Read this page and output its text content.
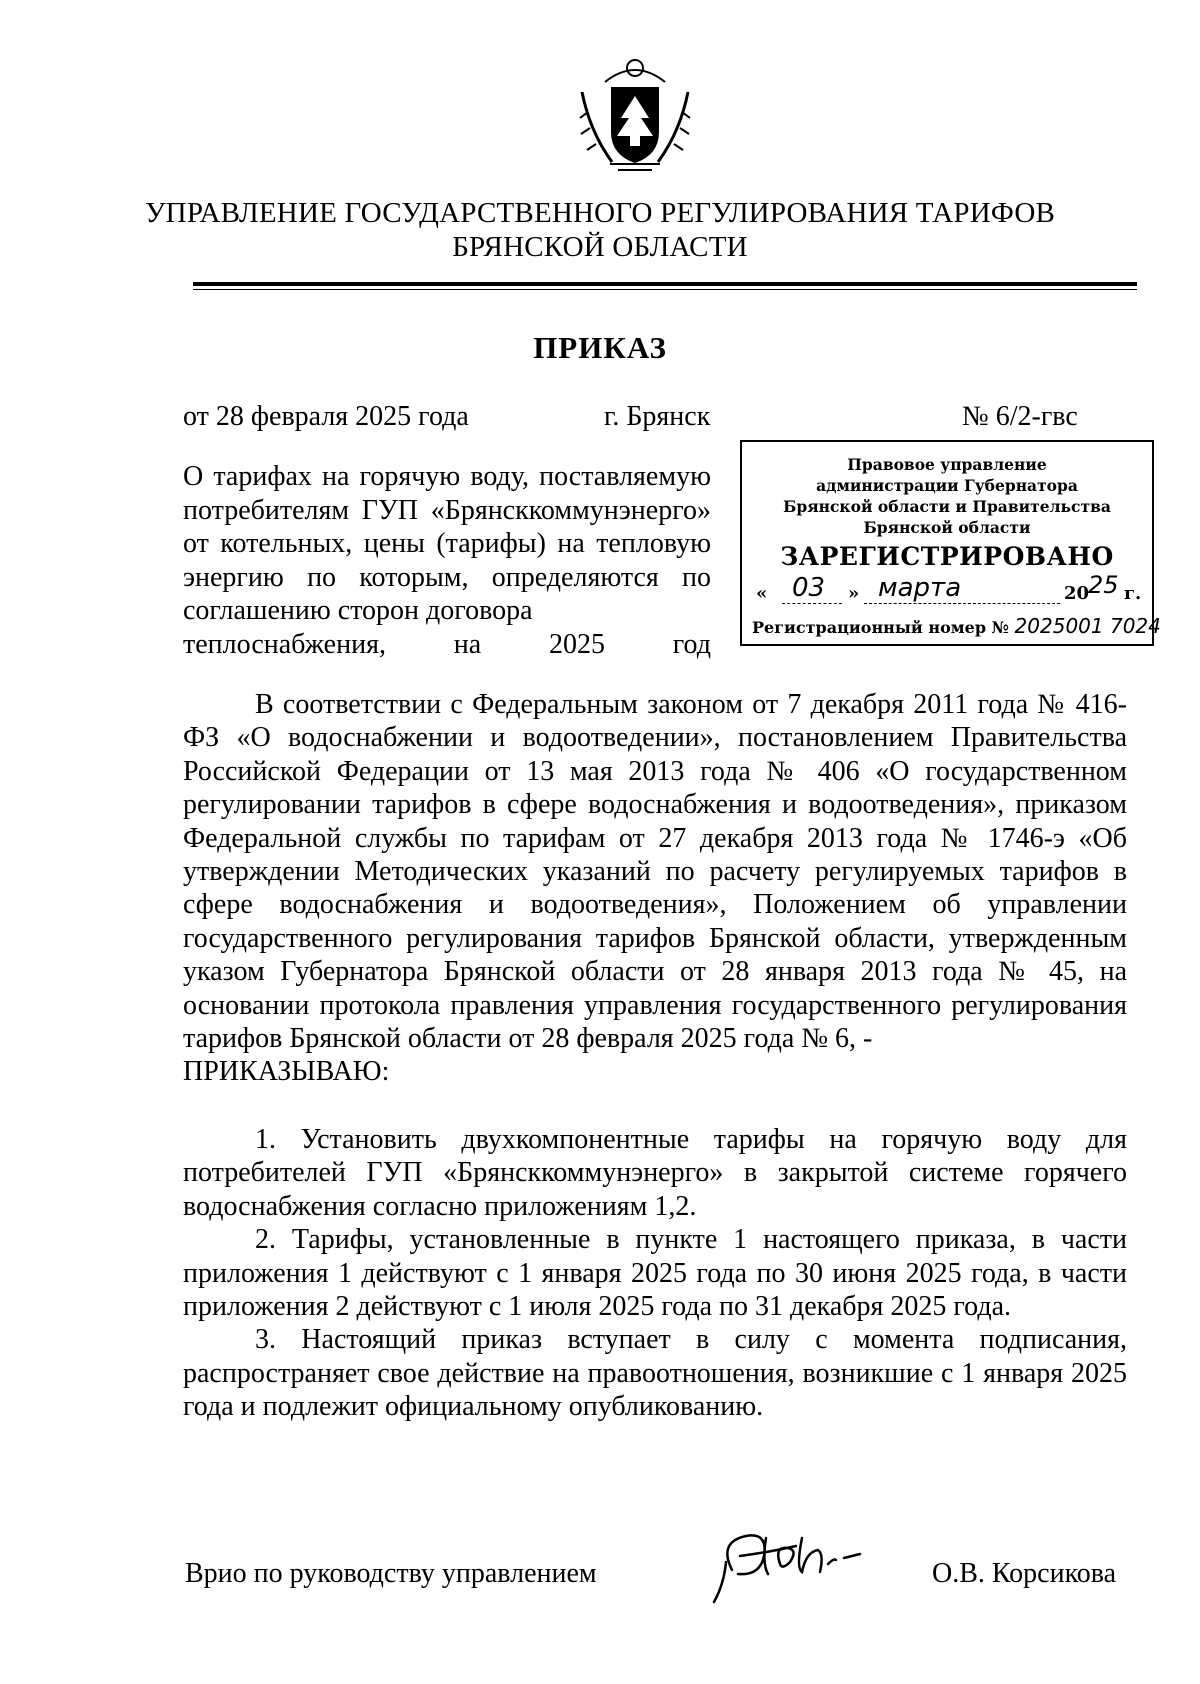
УПРАВЛЕНИЕ ГОСУДАРСТВЕННОГО РЕГУЛИРОВАНИЯ ТАРИФОВ
БРЯНСКОЙ ОБЛАСТИ
ПРИКАЗ
от 28 февраля 2025 года	г. Брянск	№ 6/2-гвс
О тарифах на горячую воду, поставляемую потребителям ГУП «Брянсккоммунэнерго» от котельных, цены (тарифы) на тепловую энергию по которым, определяются по соглашению сторон договора
теплоснабжения, на 2025 год
Правовое управление
администрации Губернатора
Брянской области и Правительства
Брянской области
ЗАРЕГИСТРИРОВАНО
« 03 » марта	20
25 г.
Регистрационный номер № 2025001 7024

В соответствии с Федеральным законом от 7 декабря 2011 года № 416-ФЗ «О водоснабжении и водоотведении», постановлением Правительства Российской Федерации от 13 мая 2013 года № 406 «О государственном регулировании тарифов в сфере водоснабжения и водоотведения», приказом Федеральной службы по тарифам от 27 декабря 2013 года № 1746-э «Об утверждении Методических указаний по расчету регулируемых тарифов в сфере водоснабжения и водоотведения», Положением об управлении государственного регулирования тарифов Брянской области, утвержденным указом Губернатора Брянской области от 28 января 2013 года № 45, на основании протокола правления управления государственного регулирования тарифов Брянской области от 28 февраля 2025 года № 6, -

ПРИКАЗЫВАЮ:

1. Установить двухкомпонентные тарифы на горячую воду для потребителей ГУП «Брянсккоммунэнерго» в закрытой системе горячего водоснабжения согласно приложениям 1,2.

2. Тарифы, установленные в пункте 1 настоящего приказа, в части приложения 1 действуют с 1 января 2025 года по 30 июня 2025 года, в части приложения 2 действуют с 1 июля 2025 года по 31 декабря 2025 года.

3. Настоящий приказ вступает в силу с момента подписания, распространяет свое действие на правоотношения, возникшие с 1 января 2025 года и подлежит официальному опубликованию.

Врио по руководству управлением	О.В. Корсикова
